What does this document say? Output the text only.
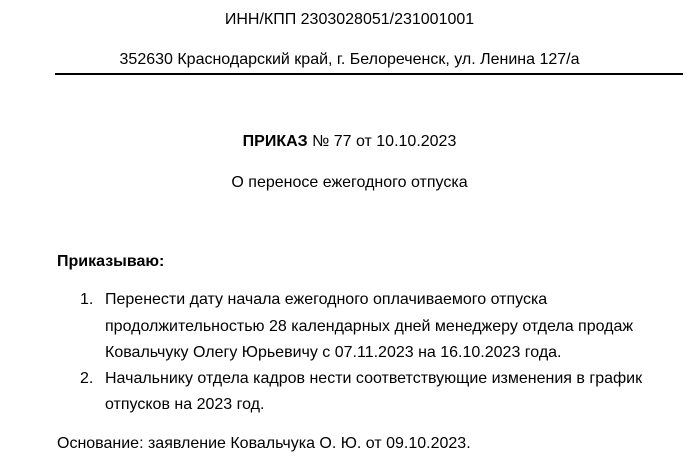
ИНН/КПП 2303028051/231001001
352630 Краснодарский край, г. Белореченск, ул. Ленина 127/а
ПРИКАЗ № 77 от 10.10.2023
О переносе ежегодного отпуска
Приказываю:
1. Перенести дату начала ежегодного оплачиваемого отпуска
продолжительностью 28 календарных дней менеджеру отдела продаж
Ковальчуку Олегу Юрьевичу с 07.11.2023 на 16.10.2023 года.
2. Начальнику отдела кадров нести соответствующие изменения в график
отпусков на 2023 год.
Основание: заявление Ковальчука О. Ю. от 09.10.2023.
